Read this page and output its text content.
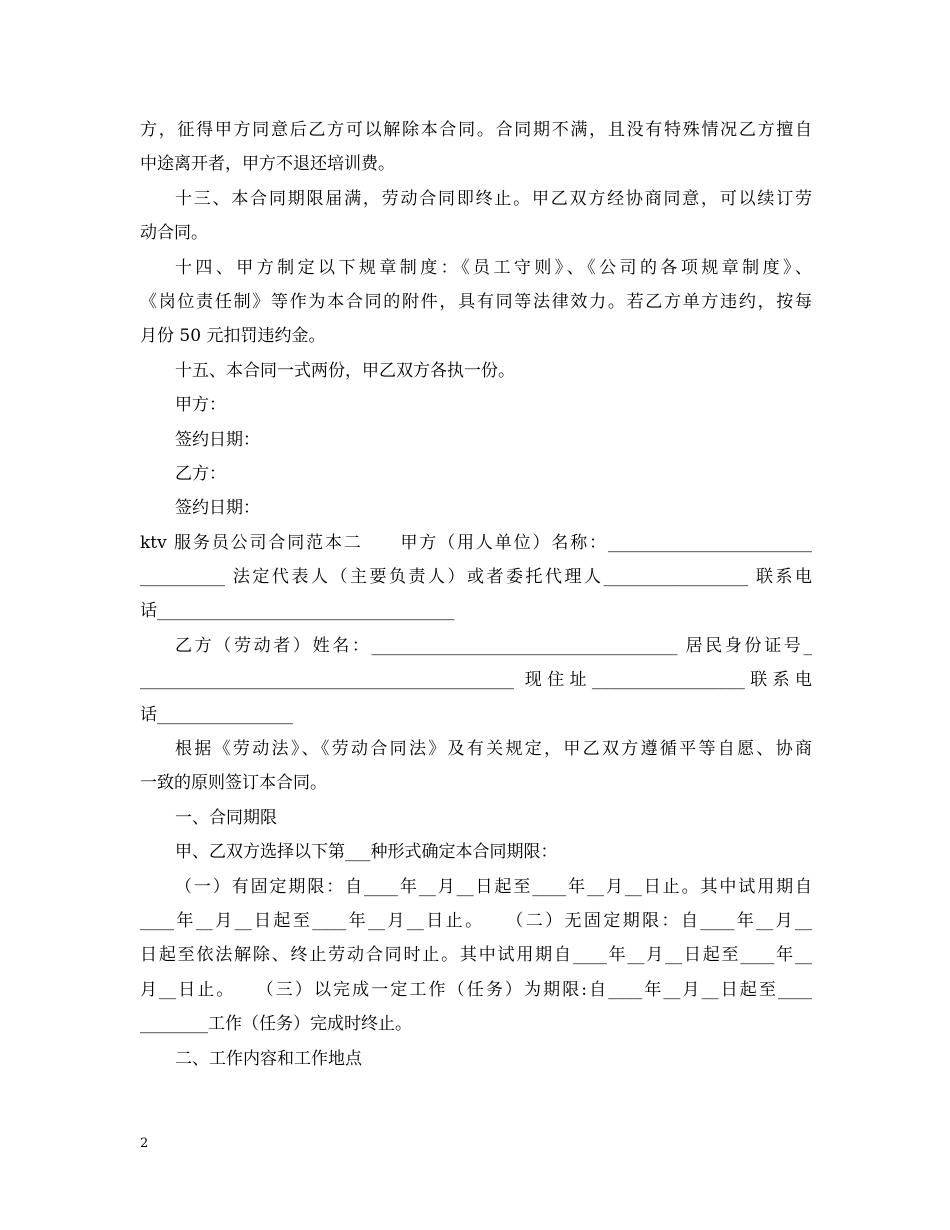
方，征得甲方同意后乙方可以解除本合同。合同期不满，且没有特殊情况乙方擅自
中途离开者，甲方不退还培训费。
十三、本合同期限届满，劳动合同即终止。甲乙双方经协商同意，可以续订劳
动合同。
十四、甲方制定以下规章制度：《员工守则》、《公司的各项规章制度》、
《岗位责任制》等作为本合同的附件，具有同等法律效力。若乙方单方违约，按每
月份 50 元扣罚违约金。
十五、本合同一式两份，甲乙双方各执一份。
甲方：
签约日期：
乙方：
签约日期：
ktv 服务员公司合同范本二　　甲方（用人单位）名称：________________________
__________ 法定代表人（主要负责人）或者委托代理人_________________ 联系电
话___________________________________
乙方（劳动者）姓名：____________________________________ 居民身份证号_
____________________________________________ 现住址__________________联系电
话________________
根据《劳动法》、《劳动合同法》及有关规定，甲乙双方遵循平等自愿、协商
一致的原则签订本合同。
一、合同期限
甲、乙双方选择以下第___种形式确定本合同期限：
（一）有固定期限：自____年__月__日起至____年__月__日止。其中试用期自
____年__月__日起至____年__月__日止。　　（二）无固定期限：自____年__月__
日起至依法解除、终止劳动合同时止。其中试用期自____年__月__日起至____年__
月__日止。　　（三）以完成一定工作（任务）为期限:自____年__月__日起至____
________工作（任务）完成时终止。
二、工作内容和工作地点
2
